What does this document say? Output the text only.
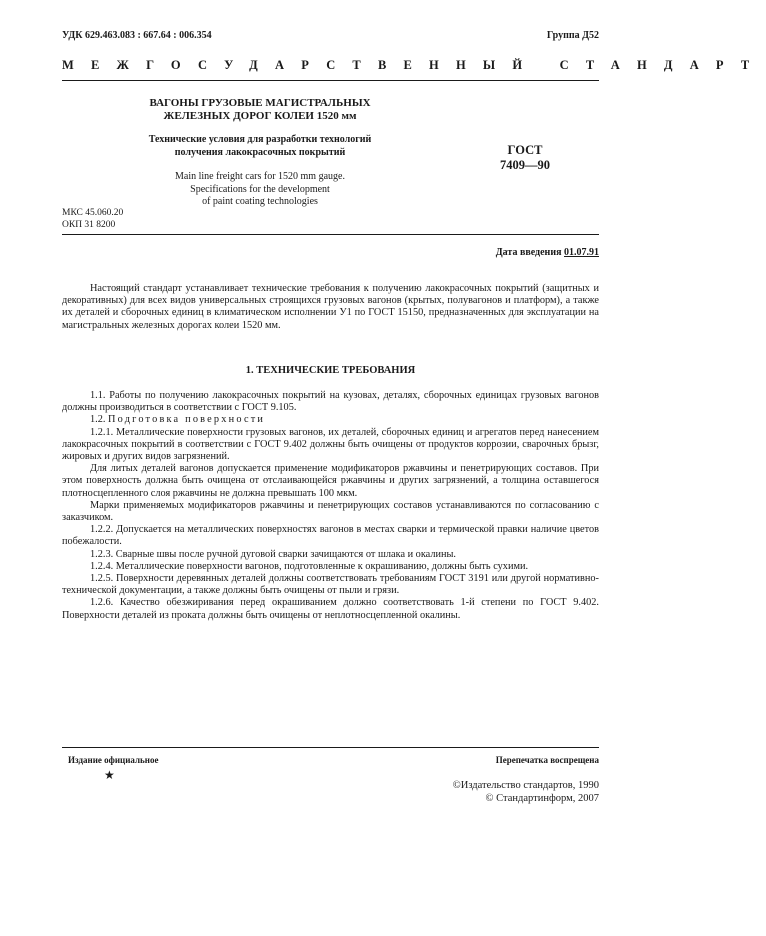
УДК 629.463.083 : 667.64 : 006.354	Группа Д52
МЕЖГОСУДАРСТВЕННЫЙ СТАНДАРТ
ВАГОНЫ ГРУЗОВЫЕ МАГИСТРАЛЬНЫХ
ЖЕЛЕЗНЫХ ДОРОГ КОЛЕИ 1520 мм
Технические условия для разработки технологий
получения лакокрасочных покрытий
Main line freight cars for 1520 mm gauge.
Specifications for the development
of paint coating technologies
ГОСТ
7409—90
МКС 45.060.20
ОКП 31 8200
Дата введения 01.07.91

Настоящий стандарт устанавливает технические требования к получению лакокрасочных покрытий (защитных и декоративных) для всех видов универсальных строящихся грузовых вагонов (крытых, полувагонов и платформ), а также их деталей и сборочных единиц в климатическом исполнении У1 по ГОСТ 15150, предназначенных для эксплуатации на магистральных железных дорогах колеи 1520 мм.

1. ТЕХНИЧЕСКИЕ ТРЕБОВАНИЯ

1.1. Работы по получению лакокрасочных покрытий на кузовах, деталях, сборочных единицах грузовых вагонов должны производиться в соответствии с ГОСТ 9.105.

1.2. Подготовка поверхности

1.2.1. Металлические поверхности грузовых вагонов, их деталей, сборочных единиц и агрегатов перед нанесением лакокрасочных покрытий в соответствии с ГОСТ 9.402 должны быть очищены от продуктов коррозии, сварочных брызг, жировых и других видов загрязнений.

Для литых деталей вагонов допускается применение модификаторов ржавчины и пенетрирующих составов. При этом поверхность должна быть очищена от отслаивающейся ржавчины и других загрязнений, а толщина оставшегося плотносцепленного слоя ржавчины не должна превышать 100 мкм.

Марки применяемых модификаторов ржавчины и пенетрирующих составов устанавливаются по согласованию с заказчиком.

1.2.2. Допускается на металлических поверхностях вагонов в местах сварки и термической правки наличие цветов побежалости.

1.2.3. Сварные швы после ручной дуговой сварки зачищаются от шлака и окалины.

1.2.4. Металлические поверхности вагонов, подготовленные к окрашиванию, должны быть сухими.

1.2.5. Поверхности деревянных деталей должны соответствовать требованиям ГОСТ 3191 или другой нормативно-технической документации, а также должны быть очищены от пыли и грязи.

1.2.6. Качество обезжиривания перед окрашиванием должно соответствовать 1-й степени по ГОСТ 9.402. Поверхности деталей из проката должны быть очищены от неплотносцепленной окалины.

Издание официальное	Перепечатка воспрещена
★
©Издательство стандартов, 1990
© Стандартинформ, 2007
